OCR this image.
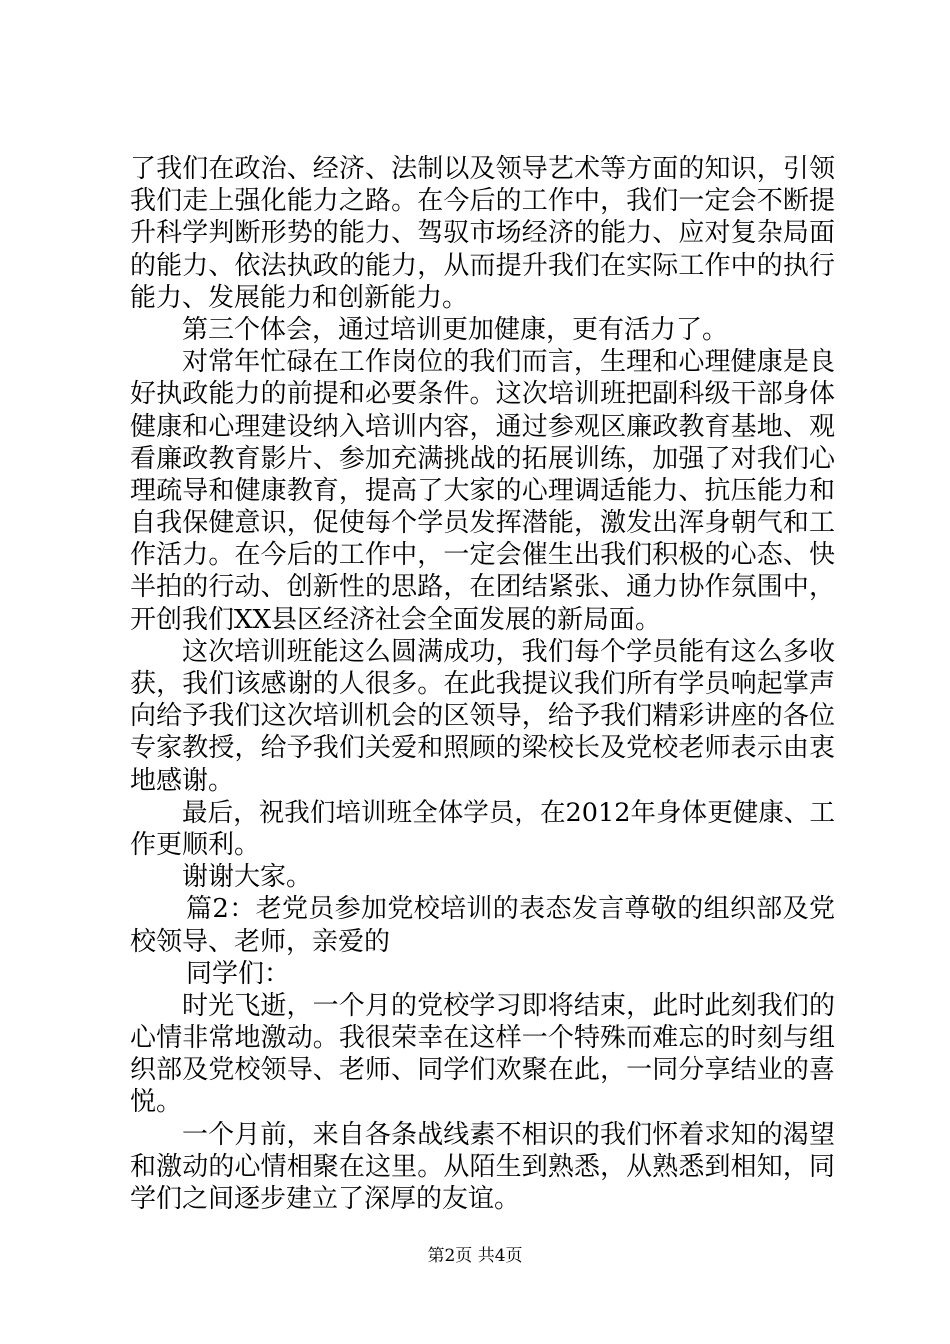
了我们在政治、经济、法制以及领导艺术等方面的知识，引领
我们走上强化能力之路。在今后的工作中，我们一定会不断提
升科学判断形势的能力、驾驭市场经济的能力、应对复杂局面
的能力、依法执政的能力，从而提升我们在实际工作中的执行
能力、发展能力和创新能力。
第三个体会，通过培训更加健康，更有活力了。
对常年忙碌在工作岗位的我们而言，生理和心理健康是良
好执政能力的前提和必要条件。这次培训班把副科级干部身体
健康和心理建设纳入培训内容，通过参观区廉政教育基地、观
看廉政教育影片、参加充满挑战的拓展训练，加强了对我们心
理疏导和健康教育，提高了大家的心理调适能力、抗压能力和
自我保健意识，促使每个学员发挥潜能，激发出浑身朝气和工
作活力。在今后的工作中，一定会催生出我们积极的心态、快
半拍的行动、创新性的思路，在团结紧张、通力协作氛围中，
开创我们XX县区经济社会全面发展的新局面。
这次培训班能这么圆满成功，我们每个学员能有这么多收
获，我们该感谢的人很多。在此我提议我们所有学员响起掌声
向给予我们这次培训机会的区领导，给予我们精彩讲座的各位
专家教授，给予我们关爱和照顾的梁校长及党校老师表示由衷
地感谢。
最后，祝我们培训班全体学员，在2012年身体更健康、工
作更顺利。
谢谢大家。
篇2：老党员参加党校培训的表态发言尊敬的组织部及党
校领导、老师，亲爱的
同学们：
时光飞逝，一个月的党校学习即将结束，此时此刻我们的
心情非常地激动。我很荣幸在这样一个特殊而难忘的时刻与组
织部及党校领导、老师、同学们欢聚在此，一同分享结业的喜
悦。
一个月前，来自各条战线素不相识的我们怀着求知的渴望
和激动的心情相聚在这里。从陌生到熟悉，从熟悉到相知，同
学们之间逐步建立了深厚的友谊。
第2页 共4页
